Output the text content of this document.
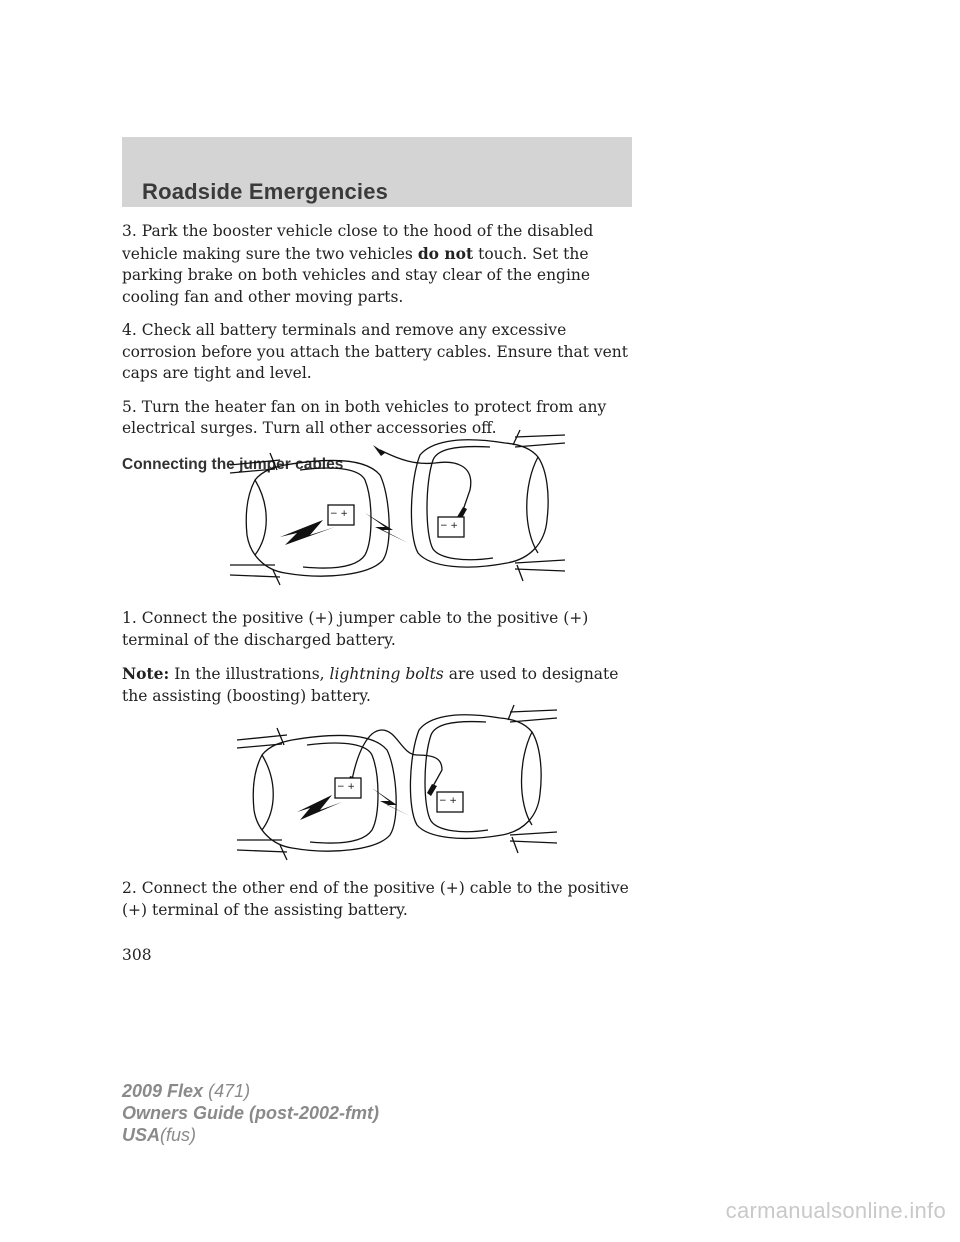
Roadside Emergencies

3. Park the booster vehicle close to the hood of the disabled vehicle making sure the two vehicles do not touch. Set the parking brake on both vehicles and stay clear of the engine cooling fan and other moving parts.

4. Check all battery terminals and remove any excessive corrosion before you attach the battery cables. Ensure that vent caps are tight and level.

5. Turn the heater fan on in both vehicles to protect from any electrical surges. Turn all other accessories off.

Connecting the jumper cables
− +
− +

1. Connect the positive (+) jumper cable to the positive (+) terminal of the discharged battery.

Note: In the illustrations, lightning bolts are used to designate the assisting (boosting) battery.

− +
− +

2. Connect the other end of the positive (+) cable to the positive (+) terminal of the assisting battery.

308
2009 Flex (471)
Owners Guide (post-2002-fmt)
USA(fus)
carmanualsonline.info
